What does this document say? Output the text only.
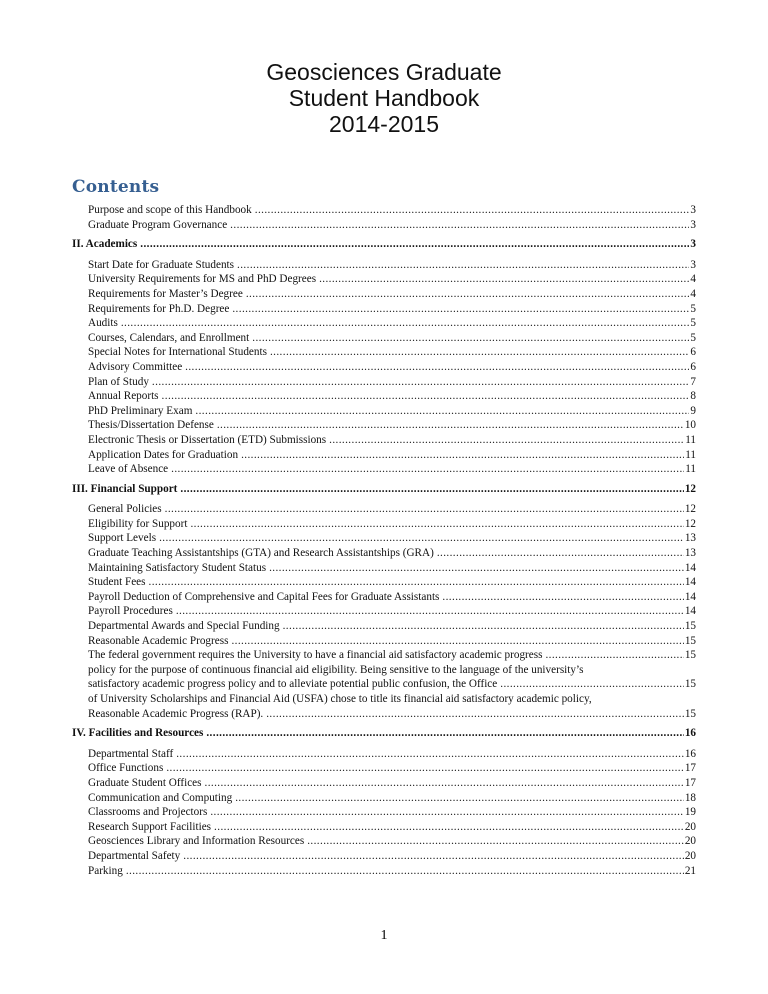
Geosciences Graduate
Student Handbook
2014-2015
Contents
Purpose and scope of this Handbook .....	3
Graduate Program Governance .....	3
II. Academics .....	3
Start Date for Graduate Students .....	3
University Requirements for MS and PhD Degrees .....	4
Requirements for Master’s Degree .....	4
Requirements for Ph.D. Degree .....	5
Audits .....	5
Courses, Calendars, and Enrollment .....	5
Special Notes for International Students .....	6
Advisory Committee .....	6
Plan of Study .....	7
Annual Reports .....	8
PhD Preliminary Exam .....	9
Thesis/Dissertation Defense .....	10
Electronic Thesis or Dissertation (ETD) Submissions .....	11
Application Dates for Graduation .....	11
Leave of Absence .....	11
III. Financial Support .....	12
General Policies .....	12
Eligibility for Support .....	12
Support Levels .....	13
Graduate Teaching Assistantships (GTA) and Research Assistantships (GRA) .....	13
Maintaining Satisfactory Student Status .....	14
Student Fees .....	14
Payroll Deduction of Comprehensive and Capital Fees for Graduate Assistants .....	14
Payroll Procedures .....	14
Departmental Awards and Special Funding .....	15
Reasonable Academic Progress .....	15
The federal government requires the University to have a financial aid satisfactory academic progress .....	15
policy for the purpose of continuous financial aid eligibility. Being sensitive to the language of the university’s
satisfactory academic progress policy and to alleviate potential public confusion, the Office .....	15
of University Scholarships and Financial Aid (USFA) chose to title its financial aid satisfactory academic policy,
Reasonable Academic Progress (RAP). .....	15
IV. Facilities and Resources .....	16
Departmental Staff .....	16
Office Functions .....	17
Graduate Student Offices .....	17
Communication and Computing .....	18
Classrooms and Projectors .....	19
Research Support Facilities .....	20
Geosciences Library and Information Resources .....	20
Departmental Safety .....	20
Parking .....	21
1
